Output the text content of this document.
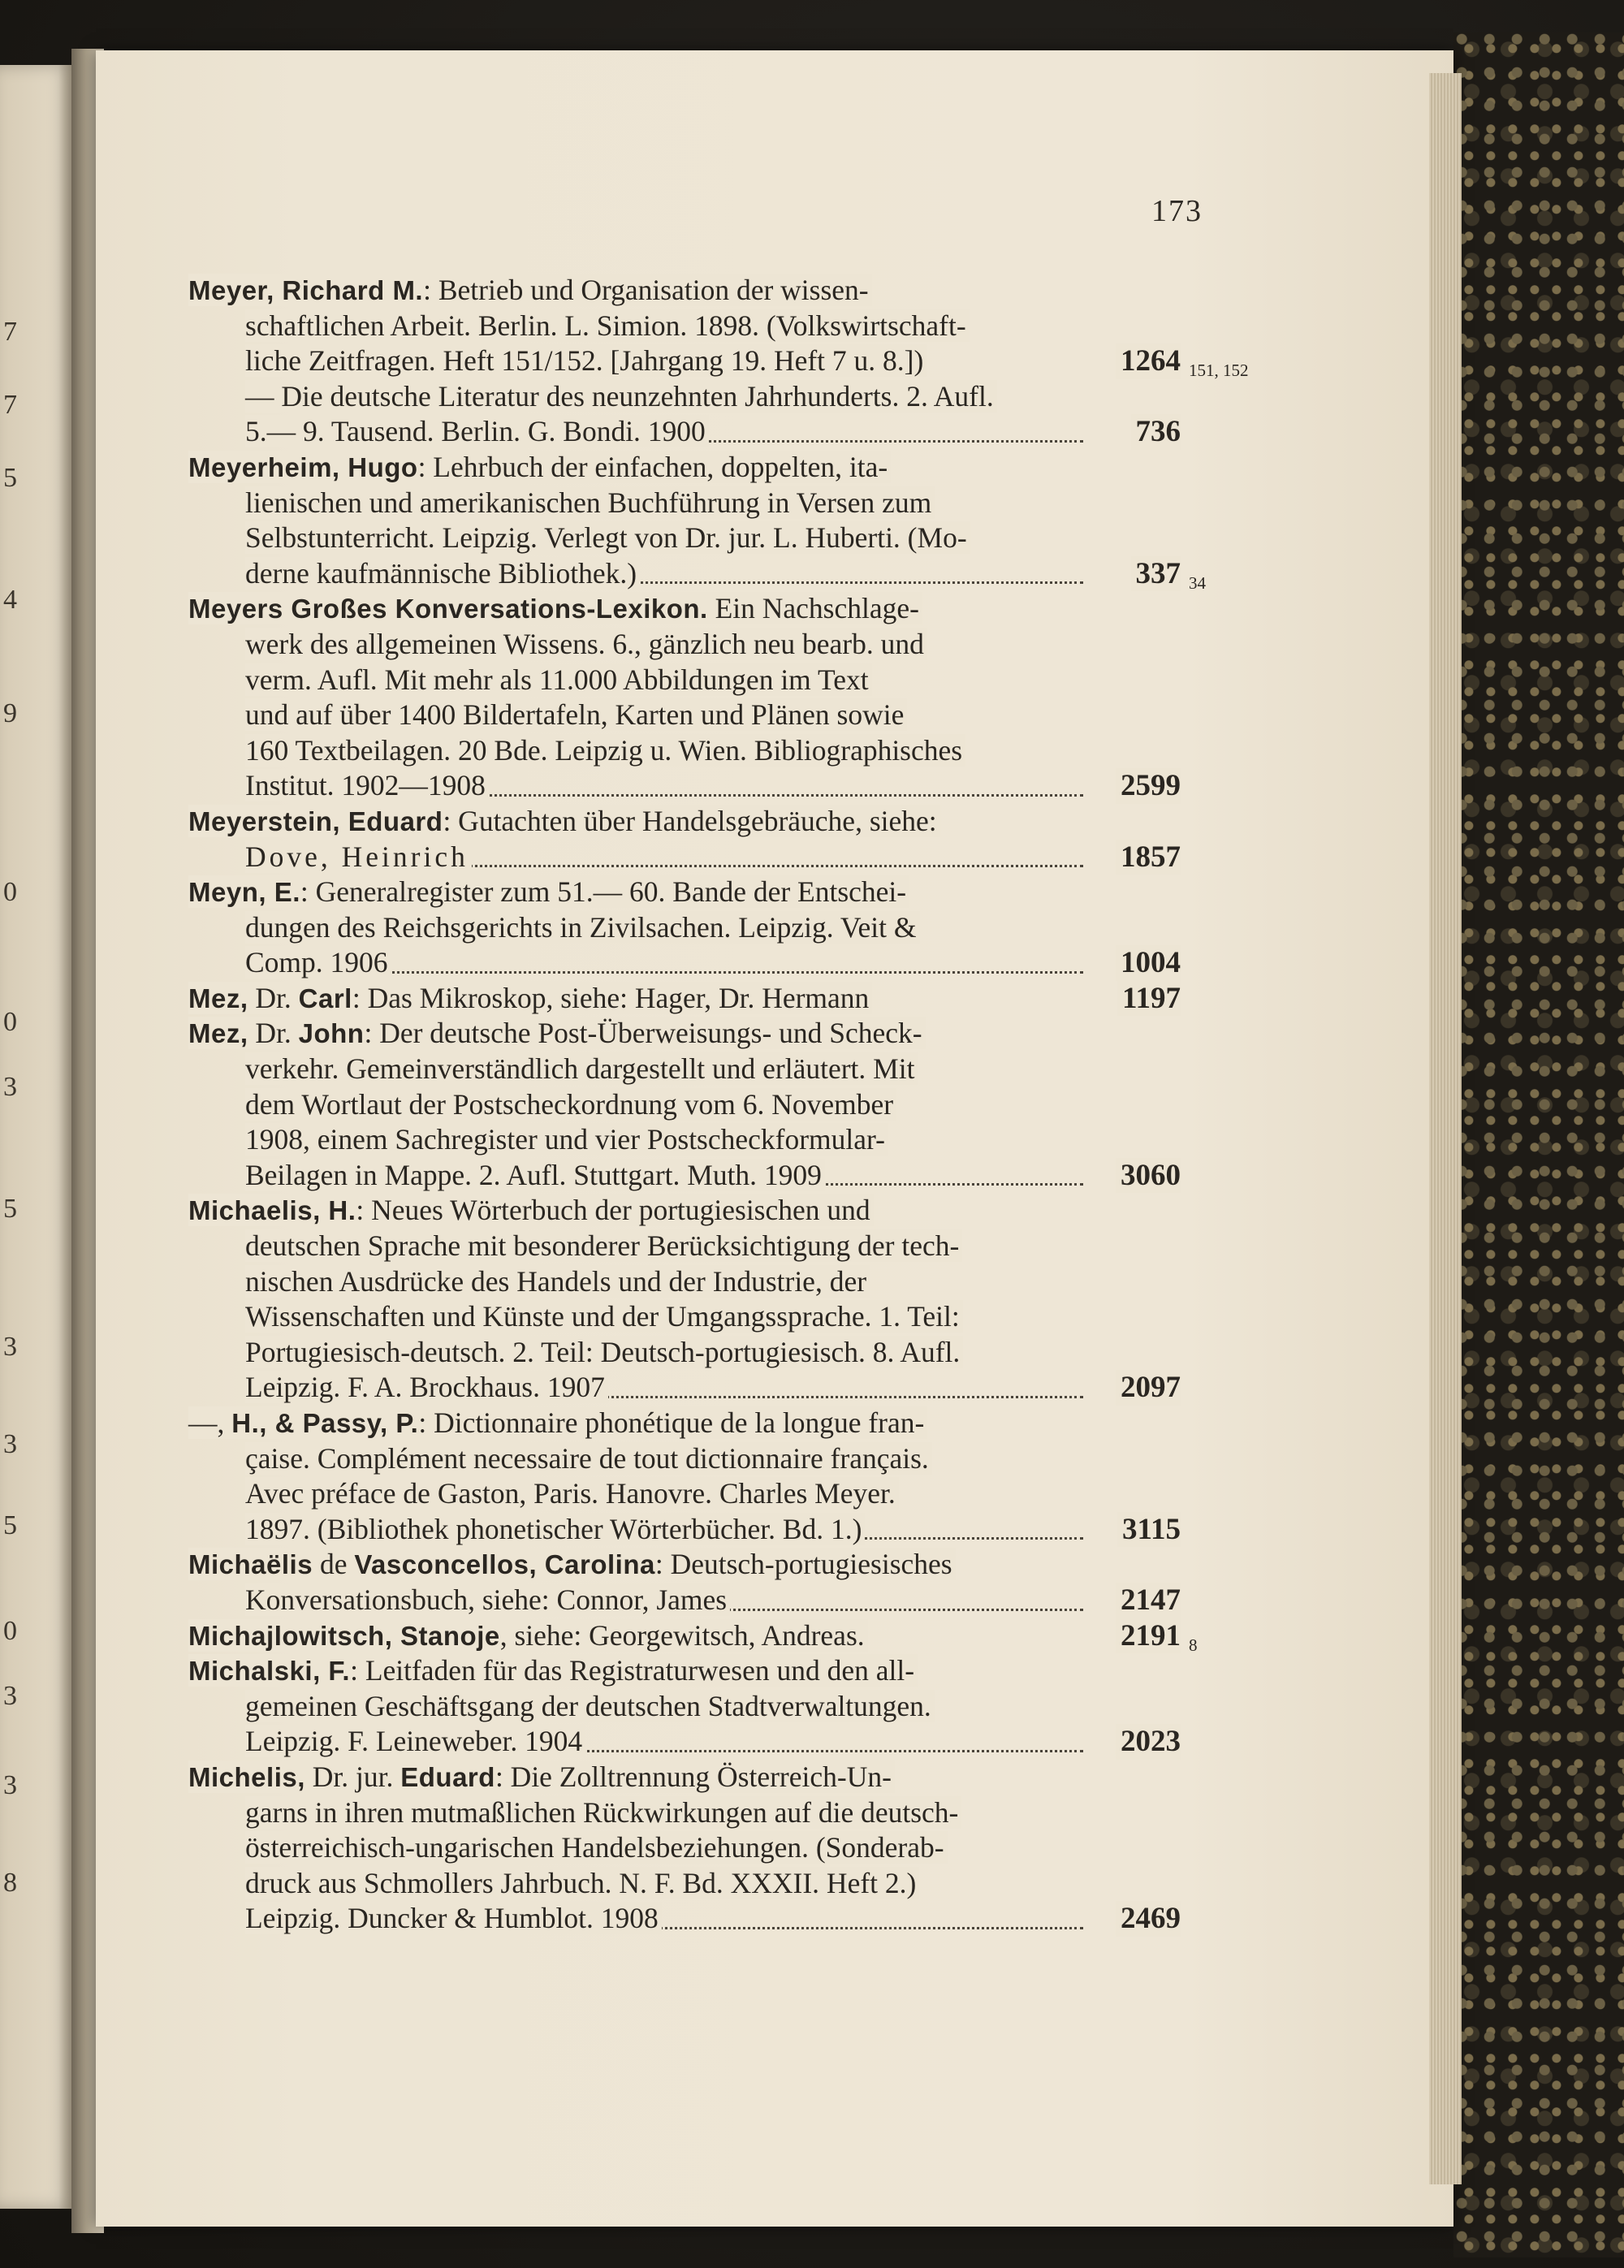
7
7
5
4
9
0
0
3
5
3
3
5
0
3
3
8
173
Meyer, Richard M.: Betrieb und Organisation der wissen-
schaftlichen Arbeit. Berlin. L. Simion. 1898. (Volkswirtschaft-
liche Zeitfragen. Heft 151/152. [Jahrgang 19. Heft 7 u. 8.])	1264 151, 152
— Die deutsche Literatur des neunzehnten Jahrhunderts. 2. Aufl.
5.— 9. Tausend. Berlin. G. Bondi. 1900	736
Meyerheim, Hugo: Lehrbuch der einfachen, doppelten, ita-
lienischen und amerikanischen Buchführung in Versen zum
Selbstunterricht. Leipzig. Verlegt von Dr. jur. L. Huberti. (Mo-
derne kaufmännische Bibliothek.)	337 34
Meyers Großes Konversations-Lexikon. Ein Nachschlage-
werk des allgemeinen Wissens. 6., gänzlich neu bearb. und
verm. Aufl. Mit mehr als 11.000 Abbildungen im Text
und auf über 1400 Bildertafeln, Karten und Plänen sowie
160 Textbeilagen. 20 Bde. Leipzig u. Wien. Bibliographisches
Institut. 1902—1908	2599
Meyerstein, Eduard: Gutachten über Handelsgebräuche, siehe:
Dove, Heinrich	1857
Meyn, E.: Generalregister zum 51.— 60. Bande der Entschei-
dungen des Reichsgerichts in Zivilsachen. Leipzig. Veit &
Comp. 1906	1004
Mez, Dr. Carl: Das Mikroskop, siehe: Hager, Dr. Hermann	1197
Mez, Dr. John: Der deutsche Post-Überweisungs- und Scheck-
verkehr. Gemeinverständlich dargestellt und erläutert. Mit
dem Wortlaut der Postscheckordnung vom 6. November
1908, einem Sachregister und vier Postscheckformular-
Beilagen in Mappe. 2. Aufl. Stuttgart. Muth. 1909	3060
Michaelis, H.: Neues Wörterbuch der portugiesischen und
deutschen Sprache mit besonderer Berücksichtigung der tech-
nischen Ausdrücke des Handels und der Industrie, der
Wissenschaften und Künste und der Umgangssprache. 1. Teil:
Portugiesisch-deutsch. 2. Teil: Deutsch-portugiesisch. 8. Aufl.
Leipzig. F. A. Brockhaus. 1907	2097
—, H., & Passy, P.: Dictionnaire phonétique de la longue fran-
çaise. Complément necessaire de tout dictionnaire français.
Avec préface de Gaston, Paris. Hanovre. Charles Meyer.
1897. (Bibliothek phonetischer Wörterbücher. Bd. 1.)	3115
Michaëlis de Vasconcellos, Carolina: Deutsch-portugiesisches
Konversationsbuch, siehe: Connor, James	2147
Michajlowitsch, Stanoje, siehe: Georgewitsch, Andreas.	2191 8
Michalski, F.: Leitfaden für das Registraturwesen und den all-
gemeinen Geschäftsgang der deutschen Stadtverwaltungen.
Leipzig. F. Leineweber. 1904	2023
Michelis, Dr. jur. Eduard: Die Zolltrennung Österreich-Un-
garns in ihren mutmaßlichen Rückwirkungen auf die deutsch-
österreichisch-ungarischen Handelsbeziehungen. (Sonderab-
druck aus Schmollers Jahrbuch. N. F. Bd. XXXII. Heft 2.)
Leipzig. Duncker & Humblot. 1908	2469
